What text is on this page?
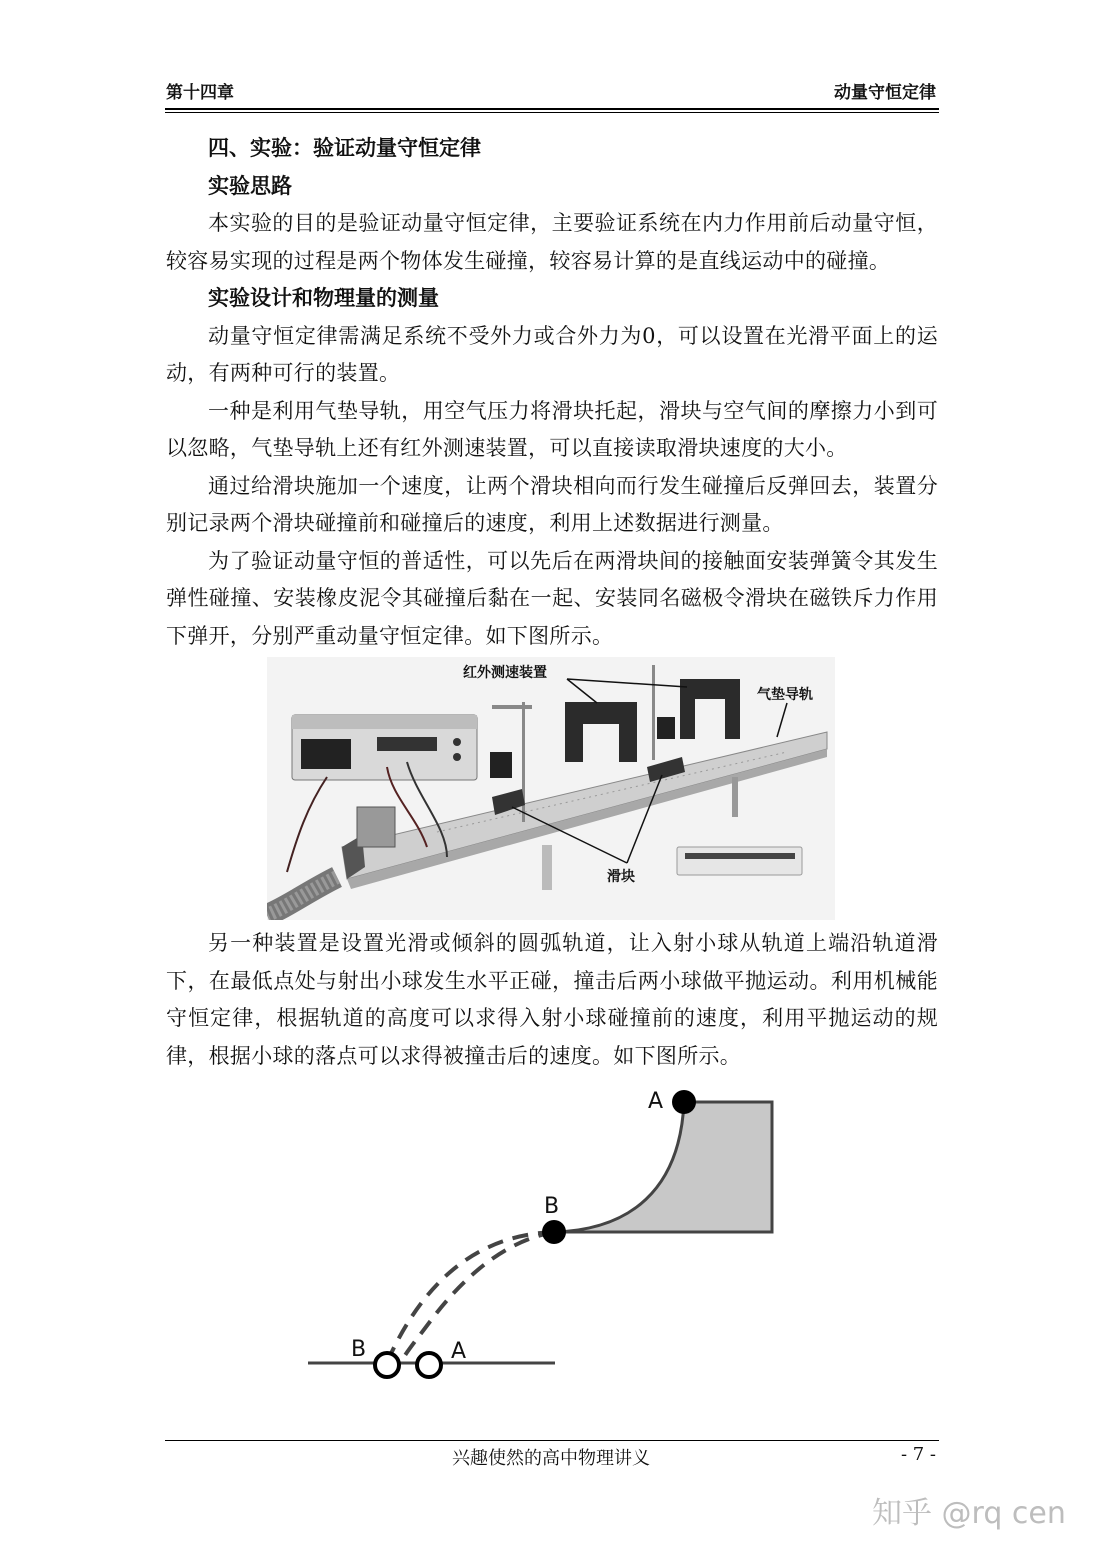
第十四章	动量守恒定律
四、实验：验证动量守恒定律
实验思路

本实验的目的是验证动量守恒定律，主要验证系统在内力作用前后动量守恒，较容易实现的过程是两个物体发生碰撞，较容易计算的是直线运动中的碰撞。

实验设计和物理量的测量

动量守恒定律需满足系统不受外力或合外力为0，可以设置在光滑平面上的运动，有两种可行的装置。

一种是利用气垫导轨，用空气压力将滑块托起，滑块与空气间的摩擦力小到可以忽略，气垫导轨上还有红外测速装置，可以直接读取滑块速度的大小。

通过给滑块施加一个速度，让两个滑块相向而行发生碰撞后反弹回去，装置分别记录两个滑块碰撞前和碰撞后的速度，利用上述数据进行测量。

为了验证动量守恒的普适性，可以先后在两滑块间的接触面安装弹簧令其发生弹性碰撞、安装橡皮泥令其碰撞后黏在一起、安装同名磁极令滑块在磁铁斥力作用下弹开，分别严重动量守恒定律。如下图所示。

红外测速装置
气垫导轨
滑块

另一种装置是设置光滑或倾斜的圆弧轨道，让入射小球从轨道上端沿轨道滑下，在最低点处与射出小球发生水平正碰，撞击后两小球做平抛运动。利用机械能守恒定律，根据轨道的高度可以求得入射小球碰撞前的速度，利用平抛运动的规律，根据小球的落点可以求得被撞击后的速度。如下图所示。

A
B
B	A
兴趣使然的高中物理讲义	- 7 -
知乎 @rq cen
